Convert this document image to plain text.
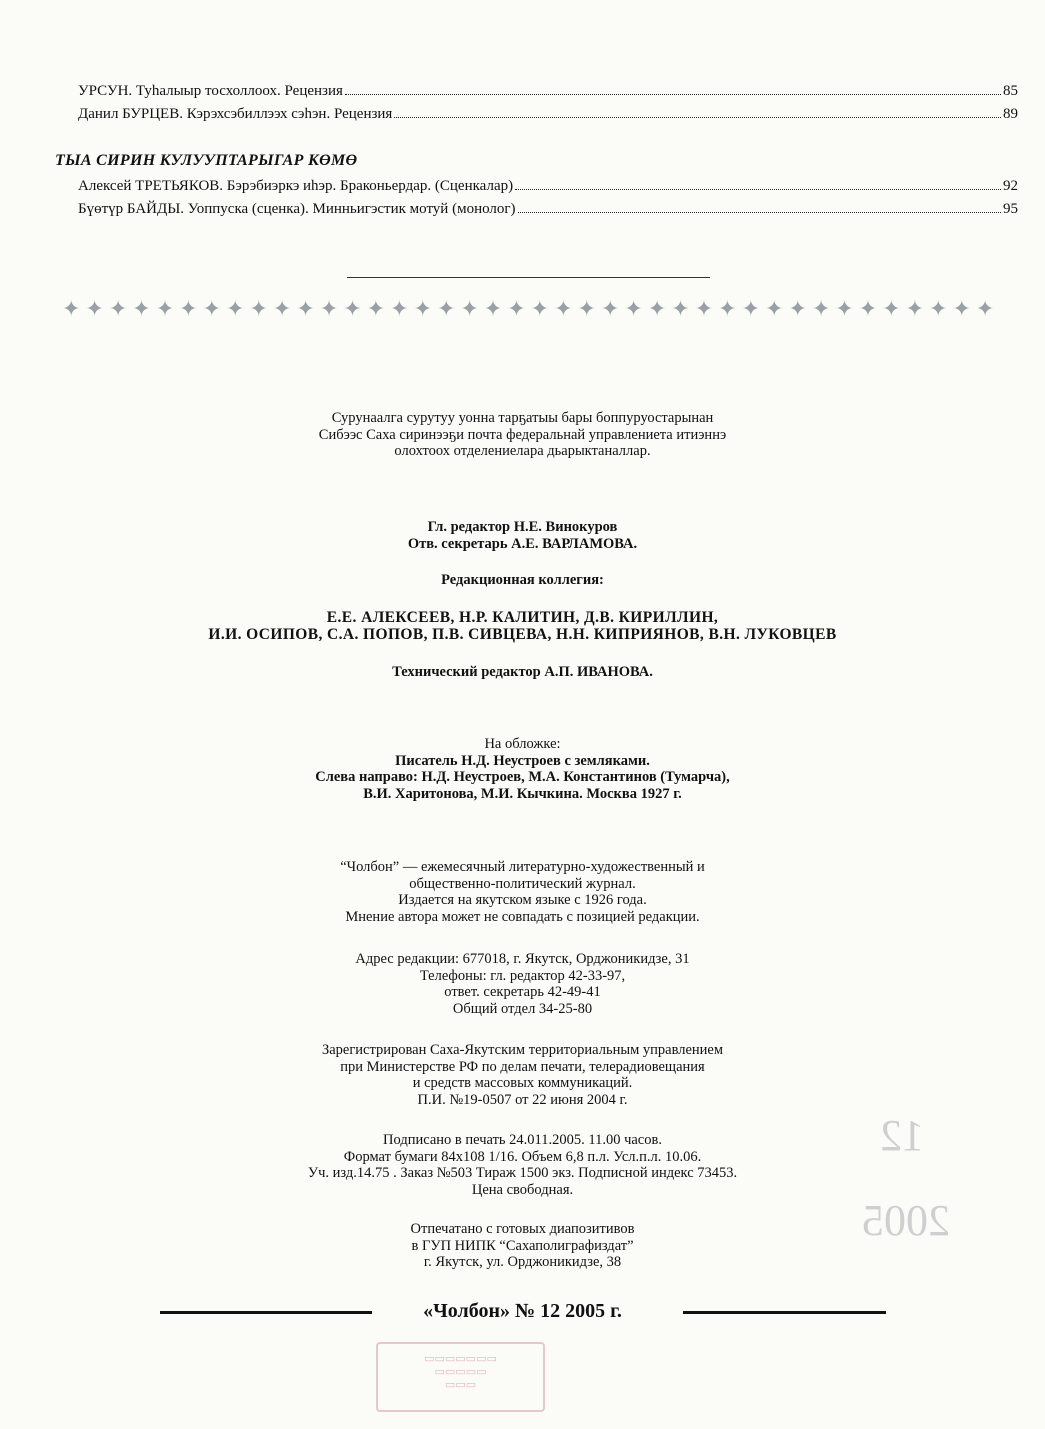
12
2005
УРСУН. Туһалыыр тосхоллоох. Рецензия	85
Данил БУРЦЕВ. Кэрэхсэбиллээх сэһэн. Рецензия	89
ТЫА СИРИН КУЛУУПТАРЫГАР КӨМӨ
Алексей ТРЕТЬЯКОВ. Бэрэбиэркэ иһэр. Браконьердар. (Сценкалар)	92
Бүөтүр БАЙДЫ. Уоппуска (сценка). Минньигэстик мотуй (монолог)	95
✦✦✦✦✦✦✦✦✦✦✦✦✦✦✦✦✦✦✦✦✦✦✦✦✦✦✦✦✦✦✦✦✦✦✦✦✦✦✦✦
Сурунаалга сурутуу уонна тарҕатыы бары боппуруостарынан
Сибээс Саха сиринээҕи почта федеральнай управлениета итиэннэ
олохтоох отделениелара дьарыктаналлар.
Гл. редактор Н.Е. Винокуров
Отв. секретарь А.Е. ВАРЛАМОВА.
Редакционная коллегия:
Е.Е. АЛЕКСЕЕВ, Н.Р. КАЛИТИН, Д.В. КИРИЛЛИН,
И.И. ОСИПОВ, С.А. ПОПОВ, П.В. СИВЦЕВА, Н.Н. КИПРИЯНОВ, В.Н. ЛУКОВЦЕВ
Технический редактор А.П. ИВАНОВА.
На обложке:
Писатель Н.Д. Неустроев с земляками.
Слева направо: Н.Д. Неустроев, М.А. Константинов (Тумарча),
В.И. Харитонова, М.И. Кычкина. Москва 1927 г.
“Чолбон” — ежемесячный литературно-художественный и
общественно-политический журнал.
Издается на якутском языке с 1926 года.
Мнение автора может не совпадать с позицией редакции.
Адрес редакции: 677018, г. Якутск, Орджоникидзе, 31
Телефоны: гл. редактор 42-33-97,
ответ. секретарь 42-49-41
Общий отдел 34-25-80
Зарегистрирован Саха-Якутским территориальным управлением
при Министерстве РФ по делам печати, телерадиовещания
и средств массовых коммуникаций.
П.И. №19-0507 от 22 июня 2004 г.
Подписано в печать 24.011.2005. 11.00 часов.
Формат бумаги 84х108 1/16. Объем 6,8 п.л. Усл.п.л. 10.06.
Уч. изд.14.75 . Заказ №503 Тираж 1500 экз. Подписной индекс 73453.
Цена свободная.
Отпечатано с готовых диапозитивов
в ГУП НИПК “Сахаполиграфиздат”
г. Якутск, ул. Орджоникидзе, 38
«Чолбон» № 12 2005 г.
▭▭▭▭▭▭▭
▭▭▭▭▭
▭▭▭
